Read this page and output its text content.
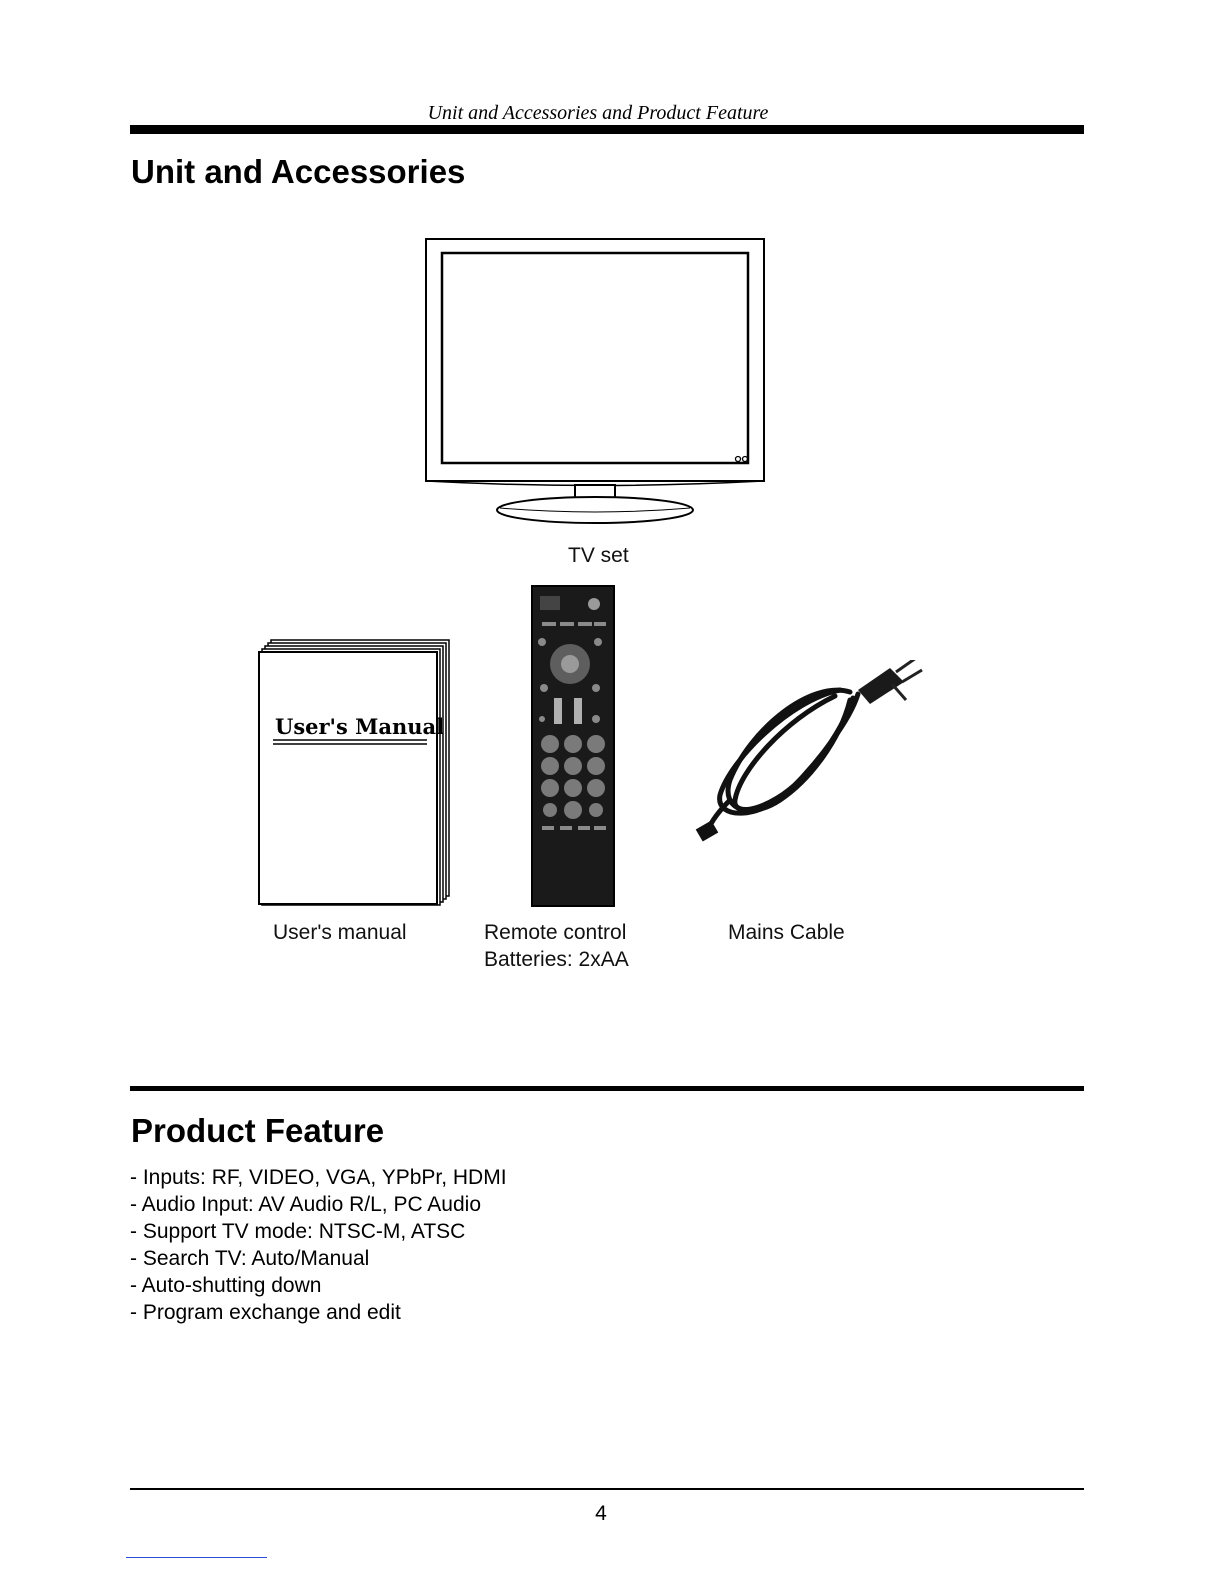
Unit and Accessories and Product Feature
Unit and Accessories
TV set
User's Manual
User's manual	Remote control
Batteries: 2xAA
Mains Cable
Product Feature
- Inputs: RF, VIDEO, VGA, YPbPr, HDMI
- Audio Input: AV Audio R/L, PC Audio
- Support TV mode: NTSC-M, ATSC
- Search TV: Auto/Manual
- Auto-shutting down
- Program exchange and edit
4
